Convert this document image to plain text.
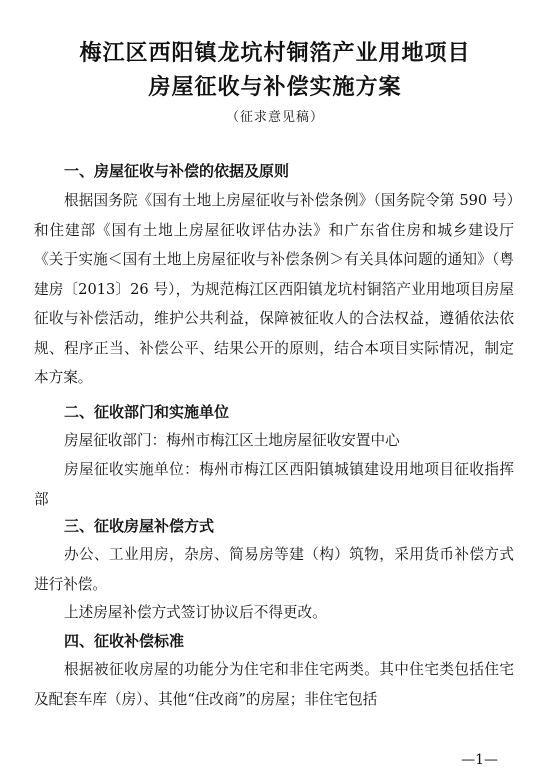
梅江区西阳镇龙坑村铜箔产业用地项目
房屋征收与补偿实施方案
（征求意见稿）
一、房屋征收与补偿的依据及原则

根据国务院《国有土地上房屋征收与补偿条例》（国务院令第 590 号）和住建部《国有土地上房屋征收评估办法》和广东省住房和城乡建设厅《关于实施＜国有土地上房屋征收与补偿条例＞有关具体问题的通知》（粤建房〔2013〕26 号），为规范梅江区西阳镇龙坑村铜箔产业用地项目房屋征收与补偿活动，维护公共利益，保障被征收人的合法权益，遵循依法依规、程序正当、补偿公平、结果公开的原则，结合本项目实际情况，制定本方案。

二、征收部门和实施单位

房屋征收部门：梅州市梅江区土地房屋征收安置中心

房屋征收实施单位：梅州市梅江区西阳镇城镇建设用地项目征收指挥部

三、征收房屋补偿方式

办公、工业用房，杂房、简易房等建（构）筑物，采用货币补偿方式进行补偿。

上述房屋补偿方式签订协议后不得更改。

四、征收补偿标准

根据被征收房屋的功能分为住宅和非住宅两类。其中住宅类包括住宅及配套车库（房）、其他“住改商”的房屋；非住宅包括

—1—
